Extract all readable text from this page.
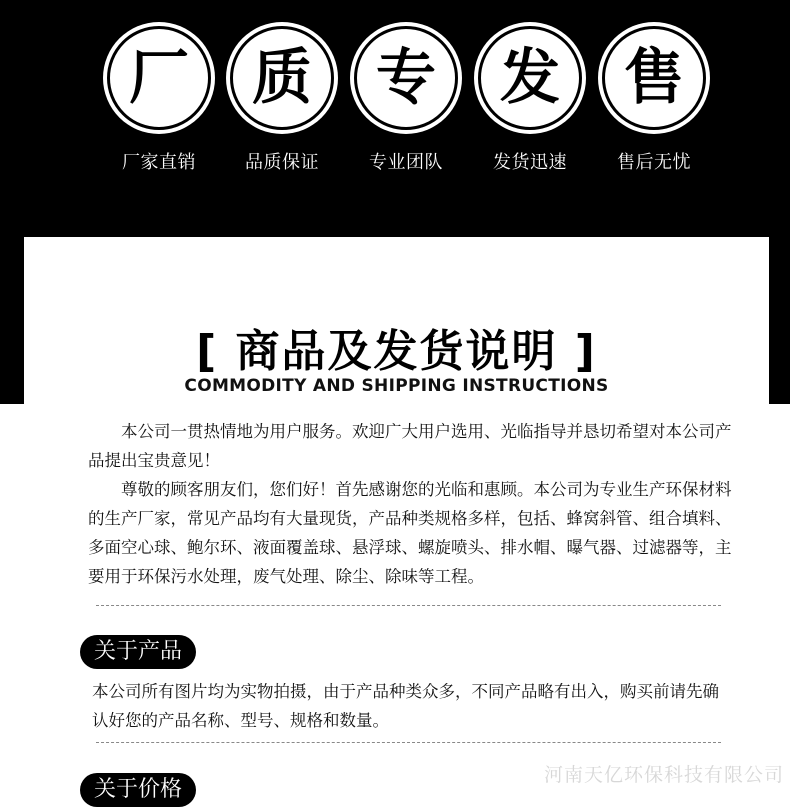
厂
厂家直销
质
品质保证
专
专业团队
发
发货迅速
售
售后无忧
[ 商品及发货说明 ]
COMMODITY AND SHIPPING INSTRUCTIONS

本公司一贯热情地为用户服务。欢迎广大用户选用、光临指导并恳切希望对本公司产品提出宝贵意见！

尊敬的顾客朋友们，您们好！首先感谢您的光临和惠顾。本公司为专业生产环保材料的生产厂家，常见产品均有大量现货，产品种类规格多样，包括、蜂窝斜管、组合填料、多面空心球、鲍尔环、液面覆盖球、悬浮球、螺旋喷头、排水帽、曝气器、过滤器等，主要用于环保污水处理，废气处理、除尘、除味等工程。

关于产品
本公司所有图片均为实物拍摄，由于产品种类众多，不同产品略有出入，购买前请先确认好您的产品名称、型号、规格和数量。
关于价格
河南天亿环保科技有限公司
